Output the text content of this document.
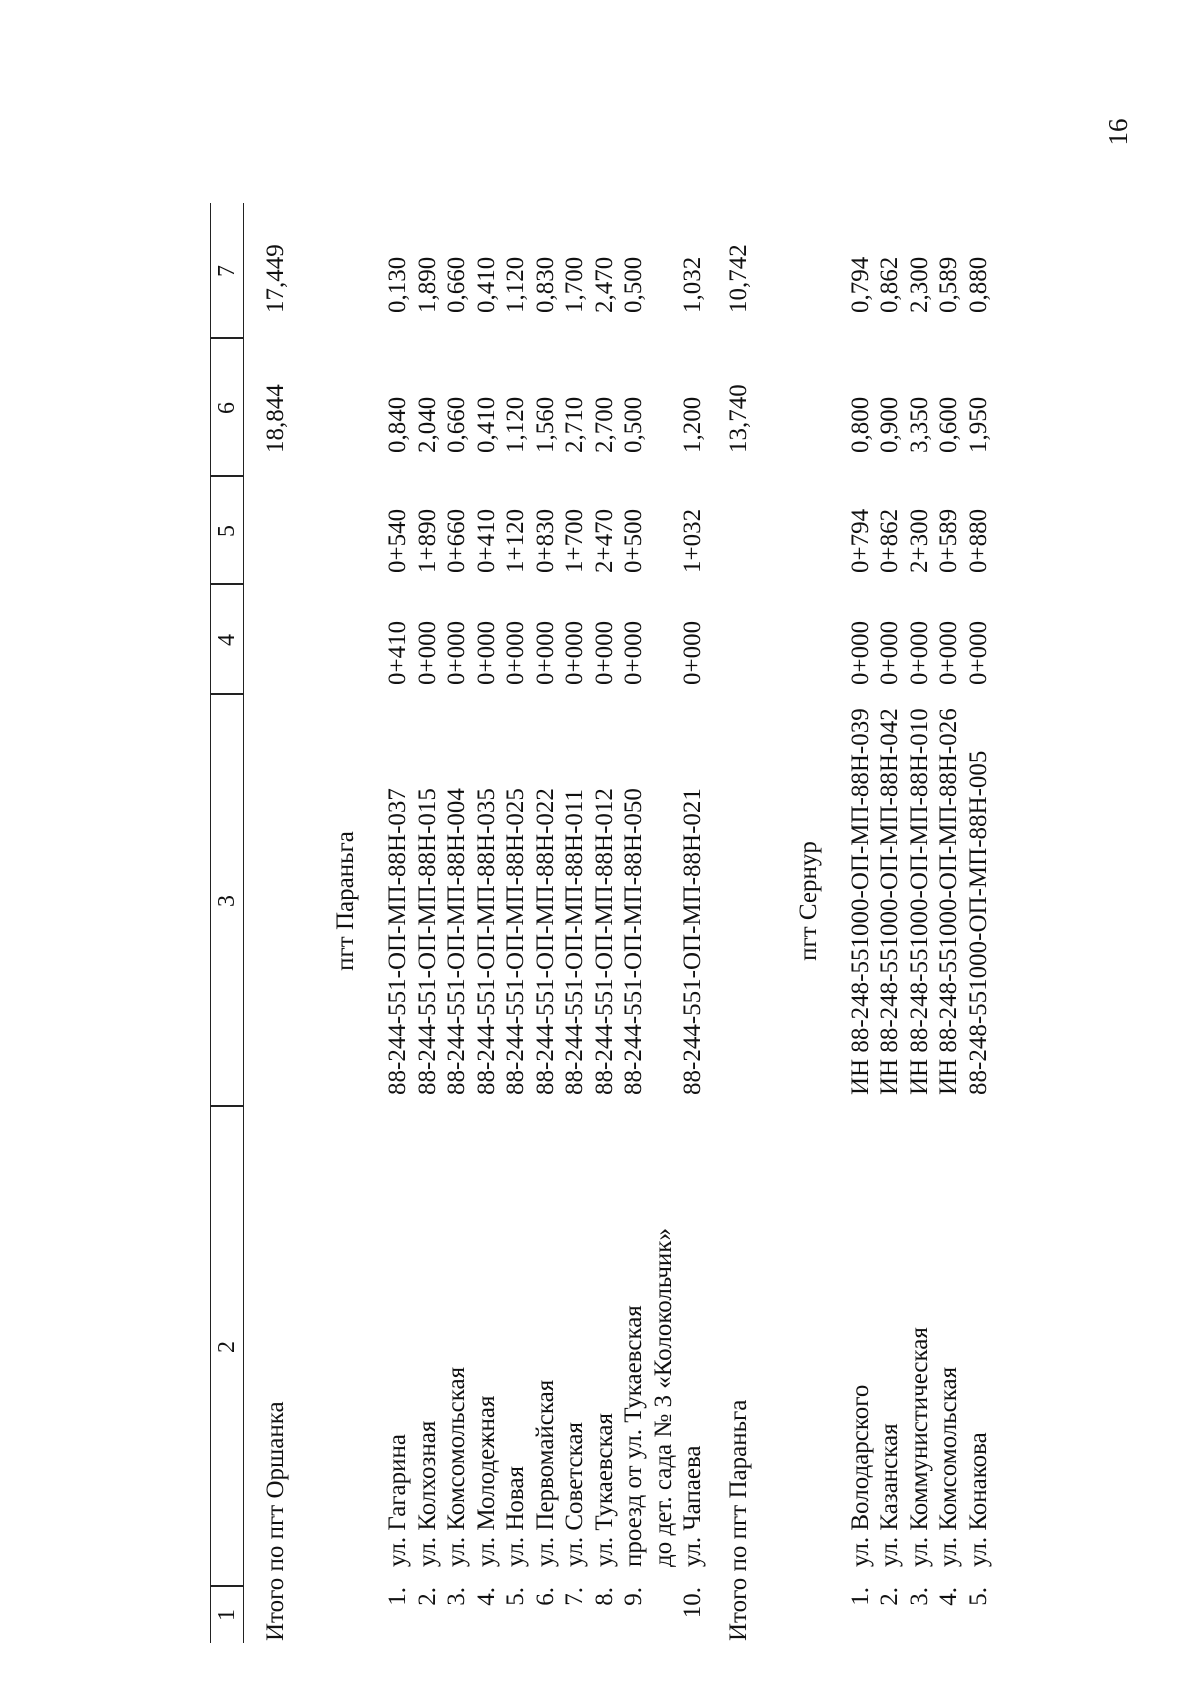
16
1
2
3
4
5
6
7
Итого по пгт Оршанка
18,844
17,449
пгт Параньга
1.
ул. Гагарина
88-244-551-ОП-МП-88Н-037
0+410
0+540
0,840
0,130
2.
ул. Колхозная
88-244-551-ОП-МП-88Н-015
0+000
1+890
2,040
1,890
3.
ул. Комсомольская
88-244-551-ОП-МП-88Н-004
0+000
0+660
0,660
0,660
4.
ул. Молодежная
88-244-551-ОП-МП-88Н-035
0+000
0+410
0,410
0,410
5.
ул. Новая
88-244-551-ОП-МП-88Н-025
0+000
1+120
1,120
1,120
6.
ул. Первомайская
88-244-551-ОП-МП-88Н-022
0+000
0+830
1,560
0,830
7.
ул. Советская
88-244-551-ОП-МП-88Н-011
0+000
1+700
2,710
1,700
8.
ул. Тукаевская
88-244-551-ОП-МП-88Н-012
0+000
2+470
2,700
2,470
9.
проезд от ул. Тукаевская
88-244-551-ОП-МП-88Н-050
0+000
0+500
0,500
0,500
до дет. сада № 3 «Колокольчик»
10.
ул. Чапаева
88-244-551-ОП-МП-88Н-021
0+000
1+032
1,200
1,032
Итого по пгт Параньга
13,740
10,742
пгт Сернур
1.
ул. Володарского
ИН 88-248-551000-ОП-МП-88Н-039
0+000
0+794
0,800
0,794
2.
ул. Казанская
ИН 88-248-551000-ОП-МП-88Н-042
0+000
0+862
0,900
0,862
3.
ул. Коммунистическая
ИН 88-248-551000-ОП-МП-88Н-010
0+000
2+300
3,350
2,300
4.
ул. Комсомольская
ИН 88-248-551000-ОП-МП-88Н-026
0+000
0+589
0,600
0,589
5.
ул. Конакова
88-248-551000-ОП-МП-88Н-005
0+000
0+880
1,950
0,880
